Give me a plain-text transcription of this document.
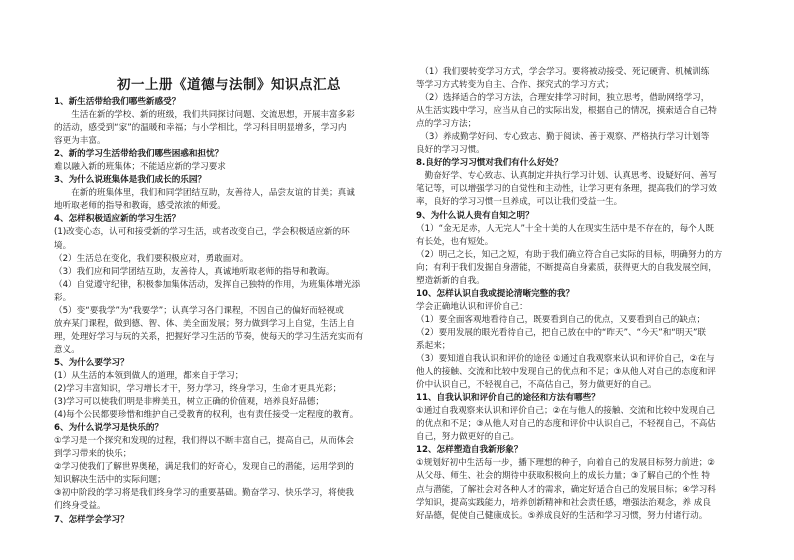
初一上册《道德与法制》知识点汇总
1、新生活带给我们哪些新感受？
　　生活在新的学校、新的班级，我们共同探讨问题、交流思想，开展丰富多彩
的活动，感受到“家”的温暖和幸福；与小学相比，学习科目明显增多，学习内
容更为丰富。
2、新的学习生活带给我们哪些困惑和担忧？
难以融入新的班集体；不能适应新的学习要求
3、为什么说班集体是我们成长的乐园？
　　在新的班集体里，我们和同学团结互助，友善待人，品尝友谊的甘美；真诚
地听取老师的指导和教诲，感受浓浓的师爱。
4、怎样积极适应新的学习生活？
(1)改变心态，认可和接受新的学习生活，或者改变自己，学会积极适应新的环
境。
（2）生活总在变化，我们要积极应对，勇敢面对。
（3）我们应和同学团结互助，友善待人，真诚地听取老师的指导和教诲。
（4）自觉遵守纪律，积极参加集体活动，发挥自己独特的作用，为班集体增光添
彩。
（5）变“要我学”为“我要学”；认真学习各门课程，不因自己的偏好而轻视或
放弃某门课程，做到德、智、体、美全面发展；努力做到学习上自觉，生活上自
理，处理好学习与玩的关系，把握好学习生活的节奏，使每天的学习生活充实而有
意义。
5、为什么要学习？
(1）从生活的本领到做人的道理，都来自于学习；
(2)学习丰富知识，学习增长才干，努力学习，终身学习，生命才更具光彩；
(3)学习可以使我们明是非辨美丑，树立正确的价值观，培养良好品德；
(4)每个公民都要珍惜和维护自己受教育的权利，也有责任接受一定程度的教育。
6、为什么说学习是快乐的？
①学习是一个探究和发现的过程，我们得以不断丰富自己，提高自己，从而体会
到学习带来的快乐；
②学习使我们了解世界奥秘，满足我们的好奇心，发现自己的潜能，运用学到的
知识解决生活中的实际问题；
③初中阶段的学习将是我们终身学习的重要基础。勤奋学习、快乐学习，将使我
们终身受益。
7、怎样学会学习？
　（1）我们要转变学习方式，学会学习。要将被动接受、死记硬背、机械训练
等学习方式转变为自主、合作、探究式的学习方式；
　（2）选择适合的学习方法，合理安排学习时间，独立思考，借助网络学习，
从生活实践中学习，应当从自己的实际出发，根据自己的情况，摸索适合自己特
点的学习方法；
　（3）养成勤学好问、专心致志、勤于阅读、善于观察、严格执行学习计划等
良好的学习习惯。
8.良好的学习习惯对我们有什么好处？
　勤奋好学、专心致志、认真制定并执行学习计划、认真思考、设疑好问、善写
笔记等，可以增强学习的自觉性和主动性，让学习更有条理，提高我们的学习效
率，良好的学习习惯一旦养成，可以让我们受益一生。
9、为什么说人贵有自知之明？
（1）“金无足赤，人无完人”十全十美的人在现实生活中是不存在的，每个人既
有长处，也有短处。
（2）明己之长，知己之短，有助于我们确立符合自己实际的目标，明确努力的方
向；有利于我们发掘自身潜能，不断提高自身素质，获得更大的自我发展空间，
塑造新新的自我。
10、怎样认识自我或提论清晰完整的我？
学会正确地认识和评价自己：
（1）要全面客观地看待自己，既要看到自己的优点，又要看到自己的缺点；
（2）要用发展的眼光看待自己，把自己放在中的“昨天”、“今天”和“明天”联
系起来；
（3）要知道自我认识和评价的途径 ①通过自我观察来认识和评价自己，②在与
他人的接触、交流和比较中发现自己的优点和不足；③从他人对自己的态度和评
价中认识自己，不轻视自己，不高估自己，努力做更好的自己。
11、自我认识和评价自己的途径和方法有哪些？
①通过自我观察来认识和评价自己；②在与他人的接触、交流和比较中发现自己
的优点和不足；③从他人对自己的态度和评价中认识自己，不轻视自己，不高估
自己，努力做更好的自己。
12、怎样塑造自我新形象？
①规划好初中生活每一步，播下理想的种子，向着自己的发展目标努力前进；②
从父母、师生、社会的期待中获取积极向上的成长力量；③了解自己的个性 特
点与潜能，了解社会对各种人才的需求，确定好适合自己的发展目标；④学习科
学知识，提高实践能力，培养创新精神和社会责任感，增强法治观念，养 成良
好品德，促使自己健康成长。⑤养成良好的生活和学习习惯，努力付诸行动。
